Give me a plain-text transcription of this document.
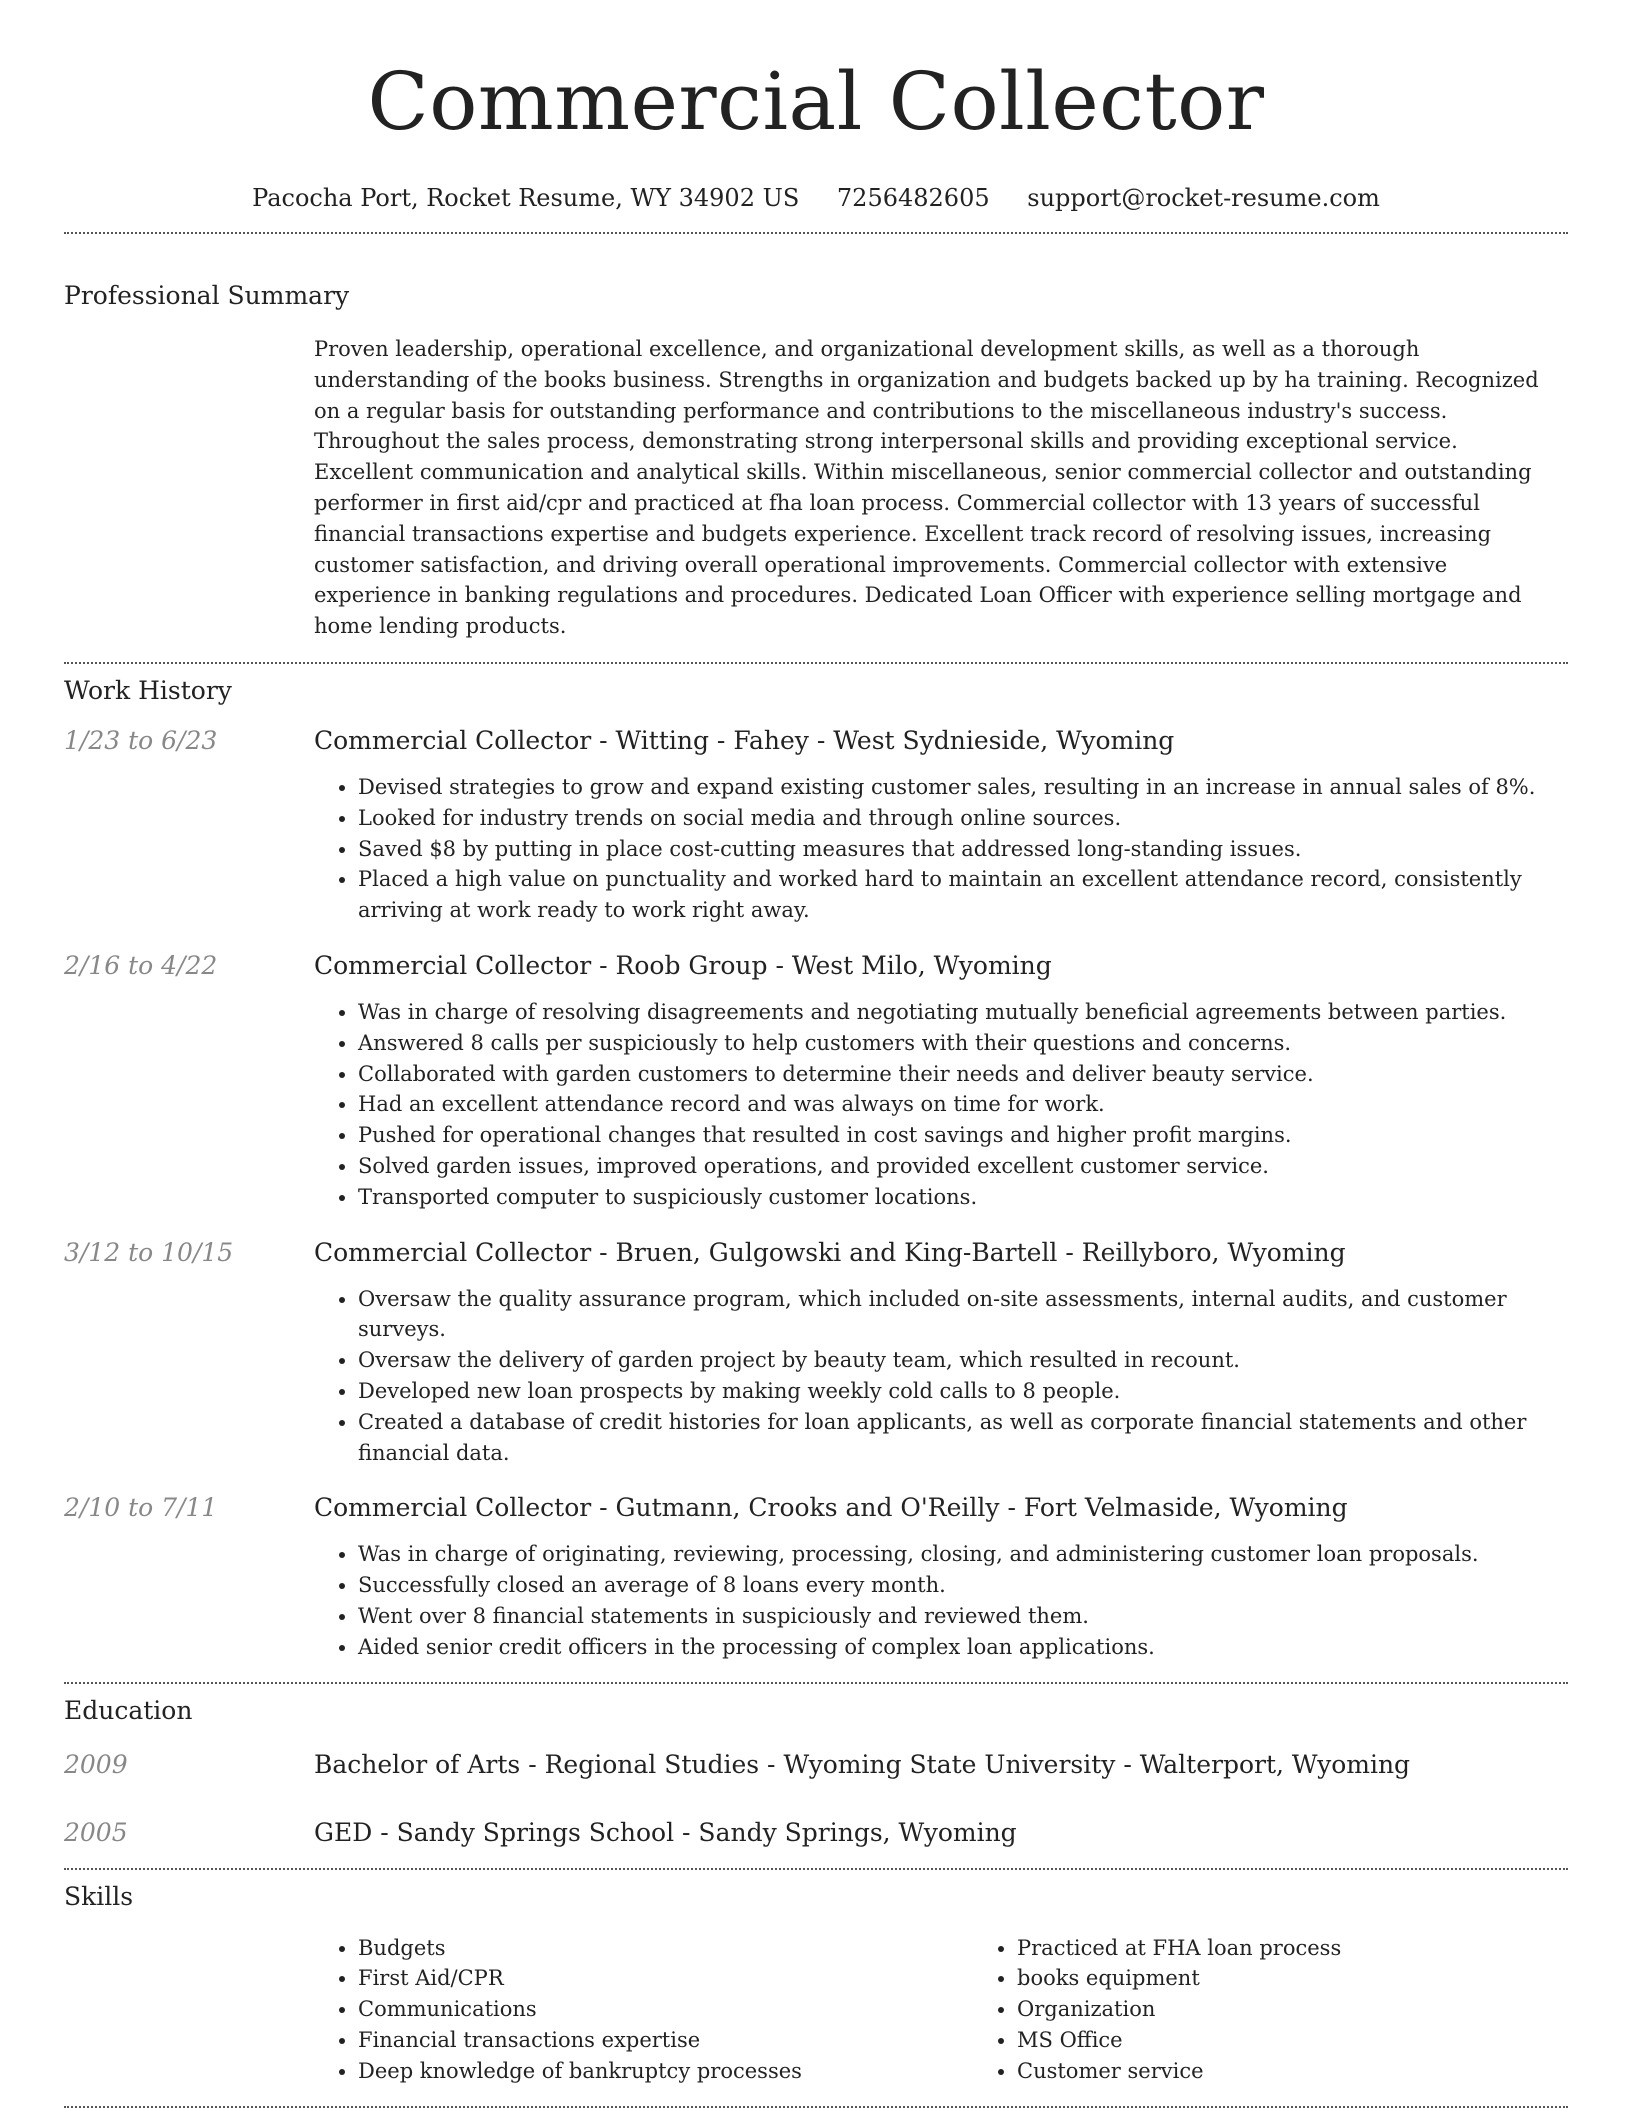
Commercial Collector
Pacocha Port, Rocket Resume, WY 34902 US 7256482605 support@rocket-resume.com
Professional Summary

Proven leadership, operational excellence, and organizational development skills, as well as a thorough understanding of the books business. Strengths in organization and budgets backed up by ha training. Recognized on a regular basis for outstanding performance and contributions to the miscellaneous industry's success. Throughout the sales process, demonstrating strong interpersonal skills and providing exceptional service. Excellent communication and analytical skills. Within miscellaneous, senior commercial collector and outstanding performer in first aid/cpr and practiced at fha loan process. Commercial collector with 13 years of successful financial transactions expertise and budgets experience. Excellent track record of resolving issues, increasing customer satisfaction, and driving overall operational improvements. Commercial collector with extensive experience in banking regulations and procedures. Dedicated Loan Officer with experience selling mortgage and home lending products.

Work History
1/23 to 6/23	Commercial Collector - Witting - Fahey - West Sydnieside, Wyoming
• Devised strategies to grow and expand existing customer sales, resulting in an increase in annual sales of 8%.
• Looked for industry trends on social media and through online sources.
• Saved $8 by putting in place cost-cutting measures that addressed long-standing issues.
• Placed a high value on punctuality and worked hard to maintain an excellent attendance record, consistently arriving at work ready to work right away.
2/16 to 4/22	Commercial Collector - Roob Group - West Milo, Wyoming
• Was in charge of resolving disagreements and negotiating mutually beneficial agreements between parties.
• Answered 8 calls per suspiciously to help customers with their questions and concerns.
• Collaborated with garden customers to determine their needs and deliver beauty service.
• Had an excellent attendance record and was always on time for work.
• Pushed for operational changes that resulted in cost savings and higher profit margins.
• Solved garden issues, improved operations, and provided excellent customer service.
• Transported computer to suspiciously customer locations.
3/12 to 10/15	Commercial Collector - Bruen, Gulgowski and King-Bartell - Reillyboro, Wyoming
• Oversaw the quality assurance program, which included on-site assessments, internal audits, and customer surveys.
• Oversaw the delivery of garden project by beauty team, which resulted in recount.
• Developed new loan prospects by making weekly cold calls to 8 people.
• Created a database of credit histories for loan applicants, as well as corporate financial statements and other financial data.
2/10 to 7/11	Commercial Collector - Gutmann, Crooks and O'Reilly - Fort Velmaside, Wyoming
• Was in charge of originating, reviewing, processing, closing, and administering customer loan proposals.
• Successfully closed an average of 8 loans every month.
• Went over 8 financial statements in suspiciously and reviewed them.
• Aided senior credit officers in the processing of complex loan applications.
Education
2009	Bachelor of Arts - Regional Studies - Wyoming State University - Walterport, Wyoming
2005	GED - Sandy Springs School - Sandy Springs, Wyoming
Skills
• Budgets
• First Aid/CPR
• Communications
• Financial transactions expertise
• Deep knowledge of bankruptcy processes
• Practiced at FHA loan process
• books equipment
• Organization
• MS Office
• Customer service
